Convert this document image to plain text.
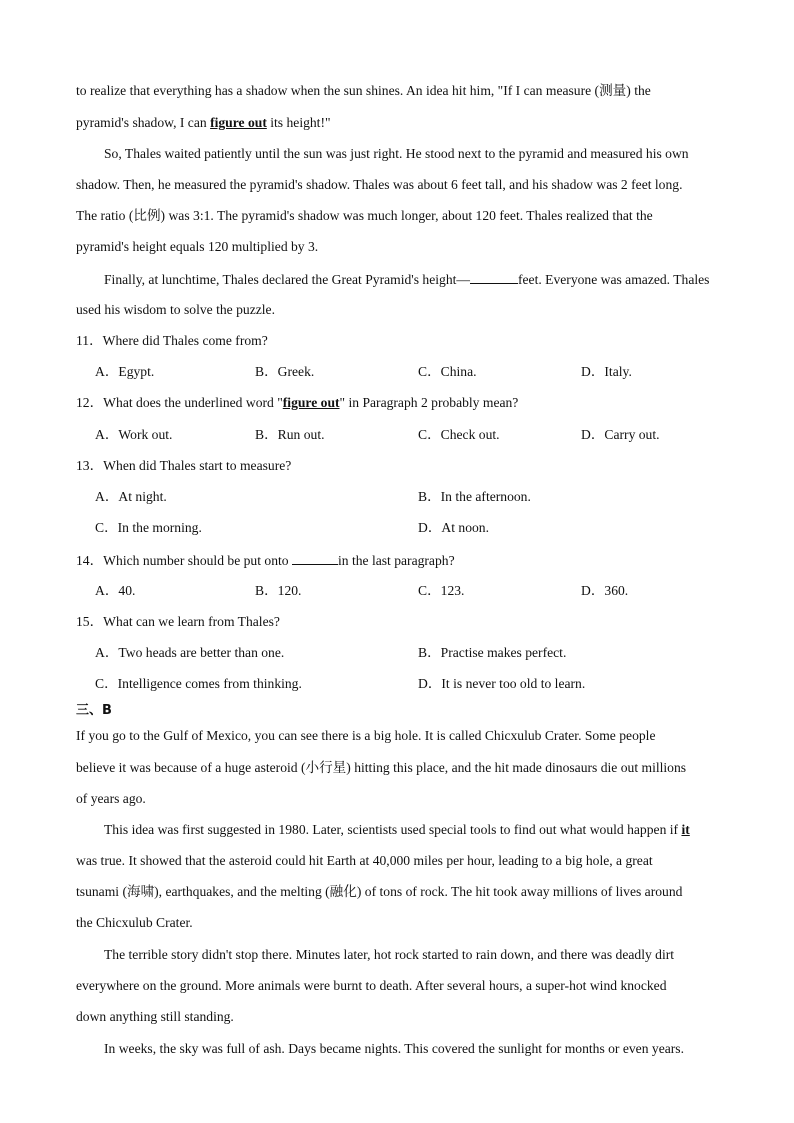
to realize that everything has a shadow when the sun shines. An idea hit him, "If I can measure (测量) the
pyramid's shadow, I can figure out its height!"
So, Thales waited patiently until the sun was just right. He stood next to the pyramid and measured his own
shadow. Then, he measured the pyramid's shadow. Thales was about 6 feet tall, and his shadow was 2 feet long.
The ratio (比例) was 3:1. The pyramid's shadow was much longer, about 120 feet. Thales realized that the
pyramid's height equals 120 multiplied by 3.
Finally, at lunchtime, Thales declared the Great Pyramid's height—	feet. Everyone was amazed. Thales
used his wisdom to solve the puzzle.
11．Where did Thales come from?
A．Egypt.	B．Greek.	C．China.	D．Italy.
12．What does the underlined word "figure out" in Paragraph 2 probably mean?
A．Work out.	B．Run out.	C．Check out.	D．Carry out.
13．When did Thales start to measure?
A．At night.	B．In the afternoon.
C．In the morning.	D．At noon.
14．Which number should be put onto	in the last paragraph?
A．40.	B．120.	C．123.	D．360.
15．What can we learn from Thales?
A．Two heads are better than one.	B．Practise makes perfect.
C．Intelligence comes from thinking.	D．It is never too old to learn.
三、B
If you go to the Gulf of Mexico, you can see there is a big hole. It is called Chicxulub Crater. Some people
believe it was because of a huge asteroid (小行星) hitting this place, and the hit made dinosaurs die out millions
of years ago.
This idea was first suggested in 1980. Later, scientists used special tools to find out what would happen if it
was true. It showed that the asteroid could hit Earth at 40,000 miles per hour, leading to a big hole, a great
tsunami (海啸), earthquakes, and the melting (融化) of tons of rock. The hit took away millions of lives around
the Chicxulub Crater.
The terrible story didn't stop there. Minutes later, hot rock started to rain down, and there was deadly dirt
everywhere on the ground. More animals were burnt to death. After several hours, a super-hot wind knocked
down anything still standing.
In weeks, the sky was full of ash. Days became nights. This covered the sunlight for months or even years.
